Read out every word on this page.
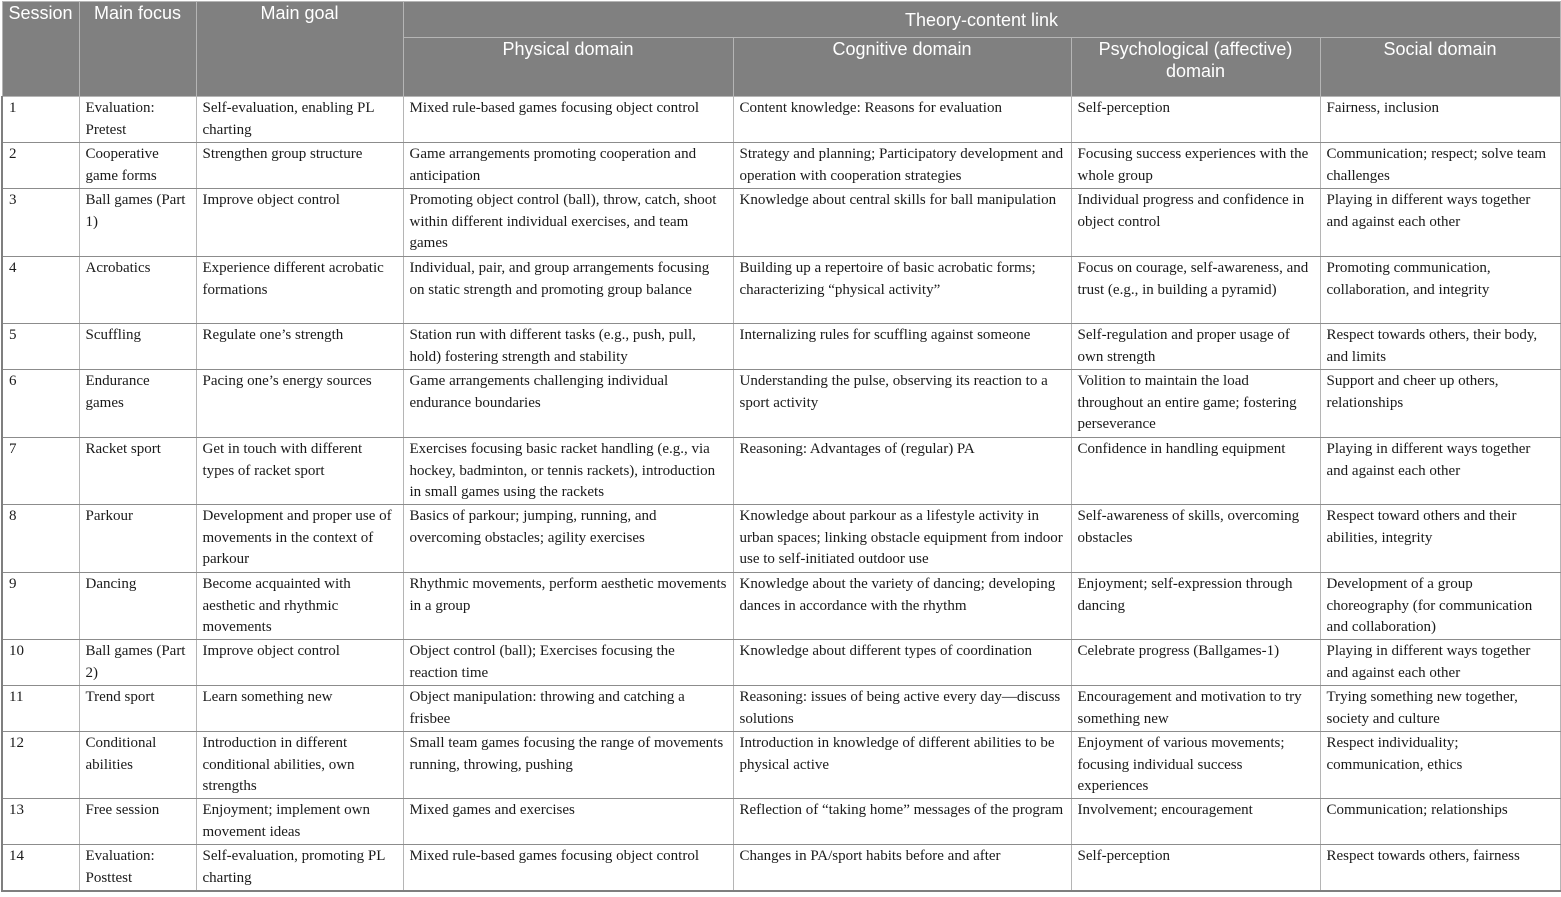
Session	Main focus	Main goal	Theory-content link			
			Physical domain	Cognitive domain	Psychological (affective) domain	Social domain
1	Evaluation: Pretest	Self-evaluation, enabling PL charting	Mixed rule-based games focusing object control	Content knowledge: Reasons for evaluation	Self-perception	Fairness, inclusion
2	Cooperative game forms	Strengthen group structure	Game arrangements promoting cooperation and anticipation	Strategy and planning; Participatory development and operation with cooperation strategies	Focusing success experiences with the whole group	Communication; respect; solve team challenges
3	Ball games (Part 1)	Improve object control	Promoting object control (ball), throw, catch, shoot within different individual exercises, and team games	Knowledge about central skills for ball manipulation	Individual progress and confidence in object control	Playing in different ways together and against each other
4	Acrobatics	Experience different acrobatic formations	Individual, pair, and group arrangements focusing on static strength and promoting group balance	Building up a repertoire of basic acrobatic forms; characterizing “physical activity”	Focus on courage, self-awareness, and trust (e.g., in building a pyramid)	Promoting communication, collaboration, and integrity
5	Scuffling	Regulate one’s strength	Station run with different tasks (e.g., push, pull, hold) fostering strength and stability	Internalizing rules for scuffling against someone	Self-regulation and proper usage of own strength	Respect towards others, their body, and limits
6	Endurance games	Pacing one’s energy sources	Game arrangements challenging individual endurance boundaries	Understanding the pulse, observing its reaction to a sport activity	Volition to maintain the load throughout an entire game; fostering perseverance	Support and cheer up others, relationships
7	Racket sport	Get in touch with different types of racket sport	Exercises focusing basic racket handling (e.g., via hockey, badminton, or tennis rackets), introduction in small games using the rackets	Reasoning: Advantages of (regular) PA	Confidence in handling equipment	Playing in different ways together and against each other
8	Parkour	Development and proper use of movements in the context of parkour	Basics of parkour; jumping, running, and overcoming obstacles; agility exercises	Knowledge about parkour as a lifestyle activity in urban spaces; linking obstacle equipment from indoor use to self-initiated outdoor use	Self-awareness of skills, overcoming obstacles	Respect toward others and their abilities, integrity
9	Dancing	Become acquainted with aesthetic and rhythmic movements	Rhythmic movements, perform aesthetic movements in a group	Knowledge about the variety of dancing; developing dances in accordance with the rhythm	Enjoyment; self-expression through dancing	Development of a group choreography (for communication and collaboration)
10	Ball games (Part 2)	Improve object control	Object control (ball); Exercises focusing the reaction time	Knowledge about different types of coordination	Celebrate progress (Ballgames-1)	Playing in different ways together and against each other
11	Trend sport	Learn something new	Object manipulation: throwing and catching a frisbee	Reasoning: issues of being active every day—discuss solutions	Encouragement and motivation to try something new	Trying something new together, society and culture
12	Conditional abilities	Introduction in different conditional abilities, own strengths	Small team games focusing the range of movements running, throwing, pushing	Introduction in knowledge of different abilities to be physical active	Enjoyment of various movements; focusing individual success experiences	Respect individuality; communication, ethics
13	Free session	Enjoyment; implement own movement ideas	Mixed games and exercises	Reflection of “taking home” messages of the program	Involvement; encouragement	Communication; relationships
14	Evaluation: Posttest	Self-evaluation, promoting PL charting	Mixed rule-based games focusing object control	Changes in PA/sport habits before and after	Self-perception	Respect towards others, fairness
